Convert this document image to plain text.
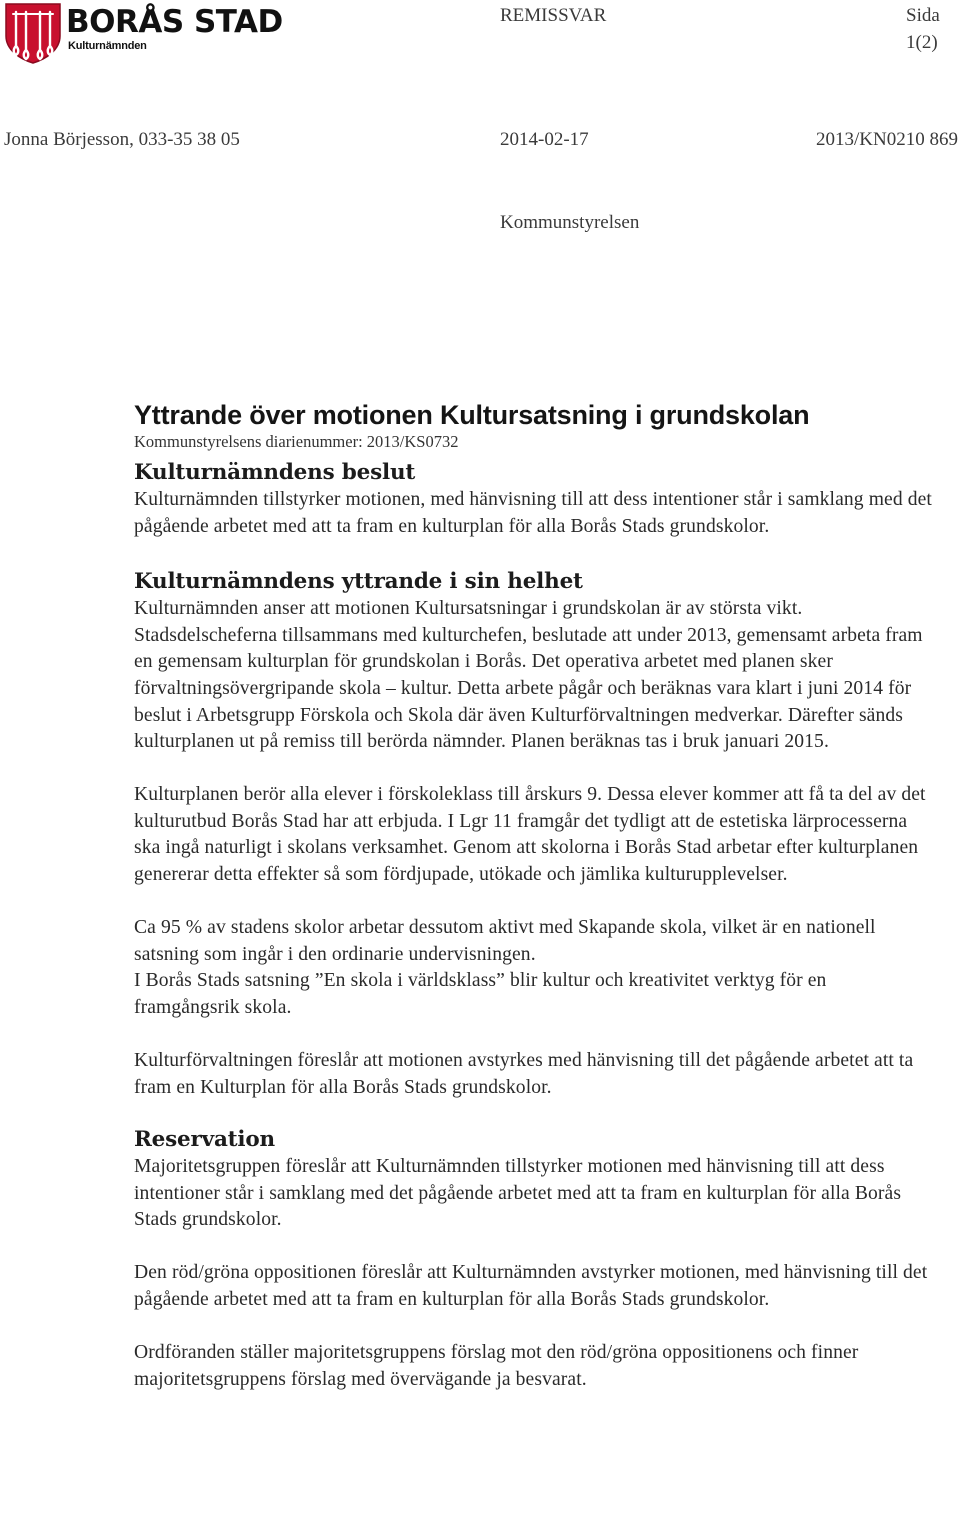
BORÅS STAD
Kulturnämnden
REMISSVAR	Sida
1(2)
Jonna Börjesson, 033-35 38 05	2014-02-17	2013/KN0210 869
Kommunstyrelsen
Yttrande över motionen Kultursatsning i grundskolan
Kommunstyrelsens diarienummer: 2013/KS0732
Kulturnämndens beslut

Kulturnämnden tillstyrker motionen, med hänvisning till att dess intentioner står i samklang med det pågående arbetet med att ta fram en kulturplan för alla Borås Stads grundskolor.

Kulturnämndens yttrande i sin helhet

Kulturnämnden anser att motionen Kultursatsningar i grundskolan är av största vikt. Stadsdelscheferna tillsammans med kulturchefen, beslutade att under 2013, gemensamt arbeta fram en gemensam kulturplan för grundskolan i Borås. Det operativa arbetet med planen sker förvaltningsövergripande skola – kultur. Detta arbete pågår och beräknas vara klart i juni 2014 för beslut i Arbetsgrupp Förskola och Skola där även Kulturförvaltningen medverkar. Därefter sänds kulturplanen ut på remiss till berörda nämnder. Planen beräknas tas i bruk januari 2015.

Kulturplanen berör alla elever i förskoleklass till årskurs 9. Dessa elever kommer att få ta del av det kulturutbud Borås Stad har att erbjuda. I Lgr 11 framgår det tydligt att de estetiska lärprocesserna ska ingå naturligt i skolans verksamhet. Genom att skolorna i Borås Stad arbetar efter kulturplanen genererar detta effekter så som fördjupade, utökade och jämlika kulturupplevelser.

Ca 95 % av stadens skolor arbetar dessutom aktivt med Skapande skola, vilket är en nationell satsning som ingår i den ordinarie undervisningen.

I Borås Stads satsning ”En skola i världsklass” blir kultur och kreativitet verktyg för en framgångsrik skola.

Kulturförvaltningen föreslår att motionen avstyrkes med hänvisning till det pågående arbetet att ta fram en Kulturplan för alla Borås Stads grundskolor.

Reservation

Majoritetsgruppen föreslår att Kulturnämnden tillstyrker motionen med hänvisning till att dess intentioner står i samklang med det pågående arbetet med att ta fram en kulturplan för alla Borås Stads grundskolor.

Den röd/gröna oppositionen föreslår att Kulturnämnden avstyrker motionen, med hänvisning till det pågående arbetet med att ta fram en kulturplan för alla Borås Stads grundskolor.

Ordföranden ställer majoritetsgruppens förslag mot den röd/gröna oppositionens och finner majoritetsgruppens förslag med övervägande ja besvarat.
